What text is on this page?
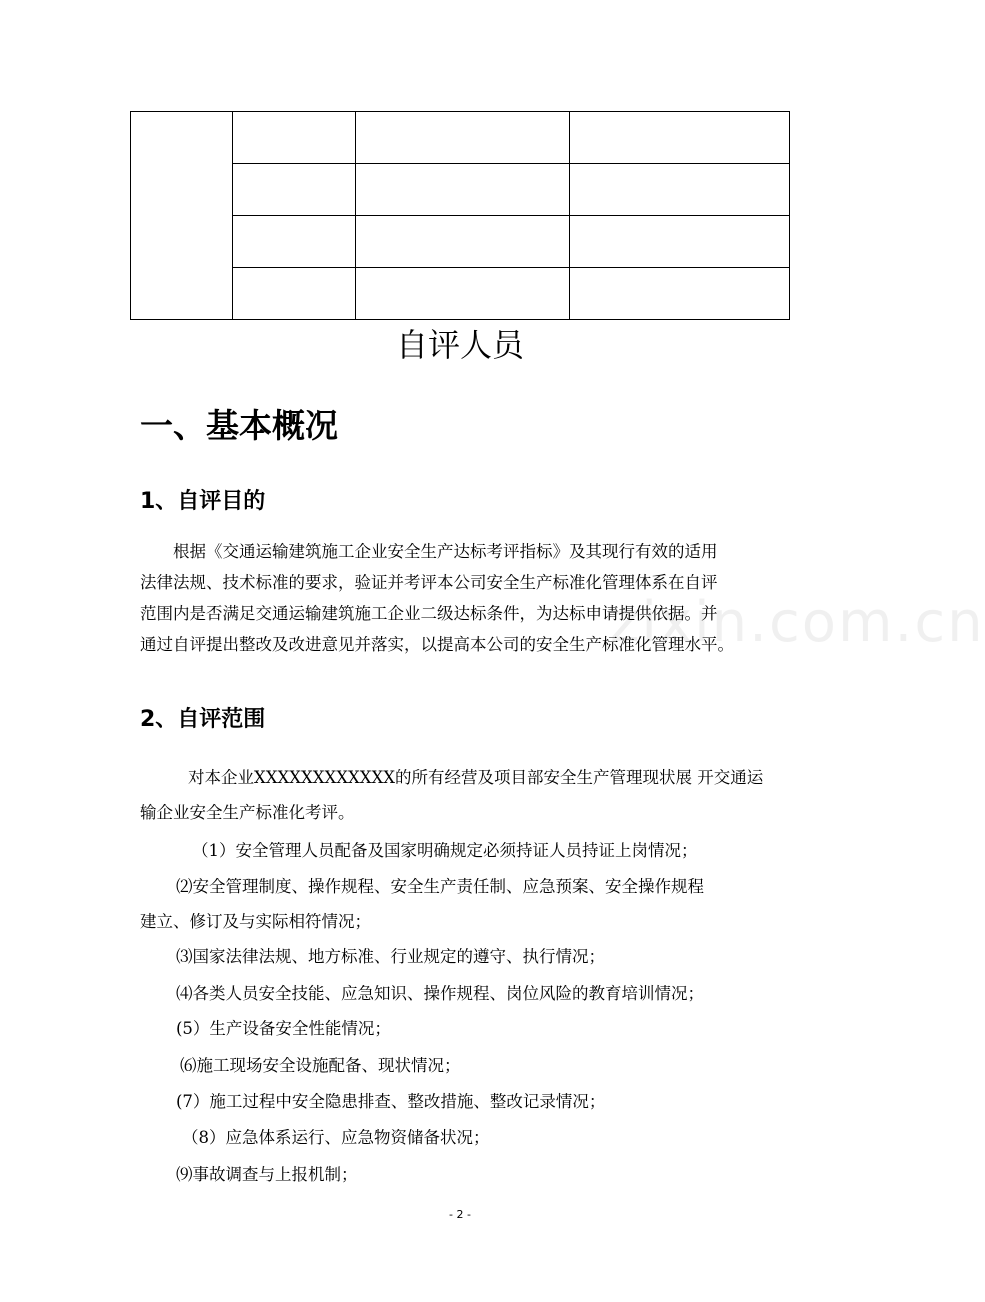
自评人员
一、基本概况
1、自评目的
根据《交通运输建筑施工企业安全生产达标考评指标》及其现行有效的适用
法律法规、技术标准的要求，验证并考评本公司安全生产标准化管理体系在自评
范围内是否满足交通运输建筑施工企业二级达标条件，为达标申请提供依据。并
通过自评提出整改及改进意见并落实，以提高本公司的安全生产标准化管理水平。
2、自评范围
对本企业XXXXXXXXXXXX的所有经营及项目部安全生产管理现状展 开交通运
输企业安全生产标准化考评。
（1）安全管理人员配备及国家明确规定必须持证人员持证上岗情况；
⑵安全管理制度、操作规程、安全生产责任制、应急预案、安全操作规程
建立、修订及与实际相符情况；
⑶国家法律法规、地方标准、行业规定的遵守、执行情况；
⑷各类人员安全技能、应急知识、操作规程、岗位风险的教育培训情况；
(5）生产设备安全性能情况；
⑹施工现场安全设施配备、现状情况；
(7）施工过程中安全隐患排查、整改措施、整改记录情况；
（8）应急体系运行、应急物资储备状况；
⑼事故调查与上报机制；
zixin.com.cn
- 2 -
